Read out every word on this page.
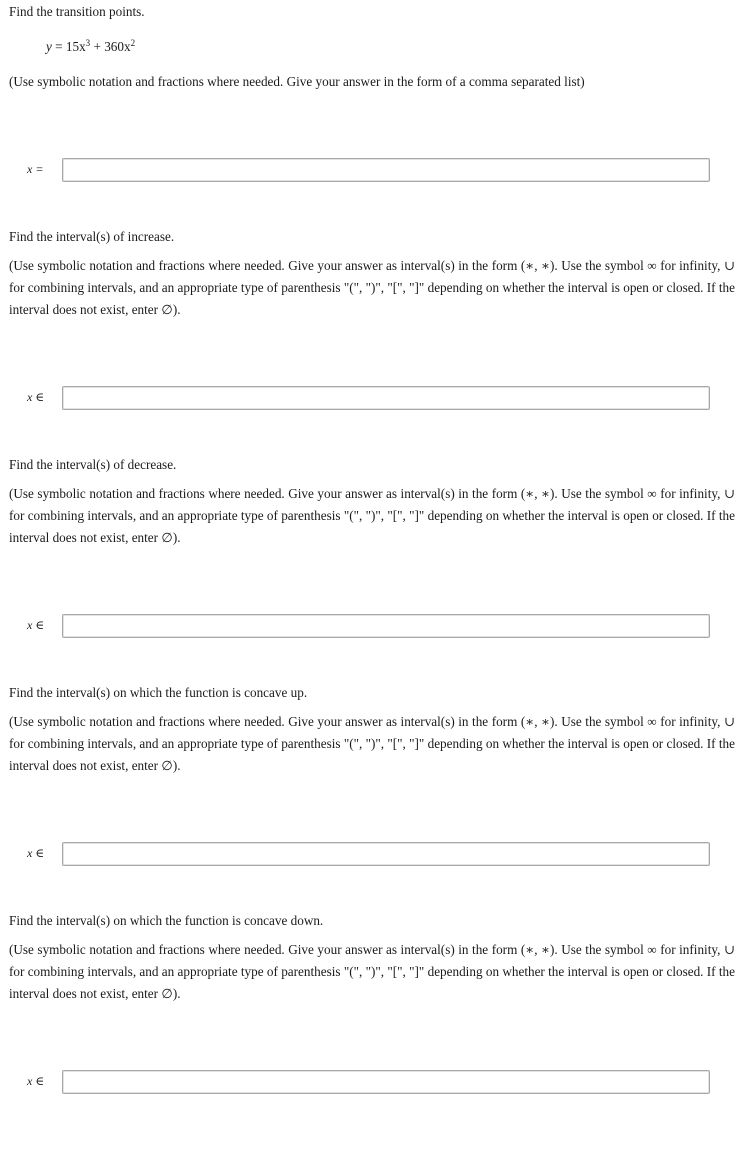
Find the transition points.
$y = 15x^3 + 360x^2$
(Use symbolic notation and fractions where needed. Give your answer in the form of a comma separated list)
x =
Find the interval(s) of increase.
(Use symbolic notation and fractions where needed. Give your answer as interval(s) in the form (∗, ∗). Use the symbol ∞ for infinity, ∪ for combining intervals, and an appropriate type of parenthesis "(", ")", "[", "]" depending on whether the interval is open or closed. If the interval does not exist, enter ∅).
x ∈
Find the interval(s) of decrease.
(Use symbolic notation and fractions where needed. Give your answer as interval(s) in the form (∗, ∗). Use the symbol ∞ for infinity, ∪ for combining intervals, and an appropriate type of parenthesis "(", ")", "[", "]" depending on whether the interval is open or closed. If the interval does not exist, enter ∅).
x ∈
Find the interval(s) on which the function is concave up.
(Use symbolic notation and fractions where needed. Give your answer as interval(s) in the form (∗, ∗). Use the symbol ∞ for infinity, ∪ for combining intervals, and an appropriate type of parenthesis "(", ")", "[", "]" depending on whether the interval is open or closed. If the interval does not exist, enter ∅).
x ∈
Find the interval(s) on which the function is concave down.
(Use symbolic notation and fractions where needed. Give your answer as interval(s) in the form (∗, ∗). Use the symbol ∞ for infinity, ∪ for combining intervals, and an appropriate type of parenthesis "(", ")", "[", "]" depending on whether the interval is open or closed. If the interval does not exist, enter ∅).
x ∈
